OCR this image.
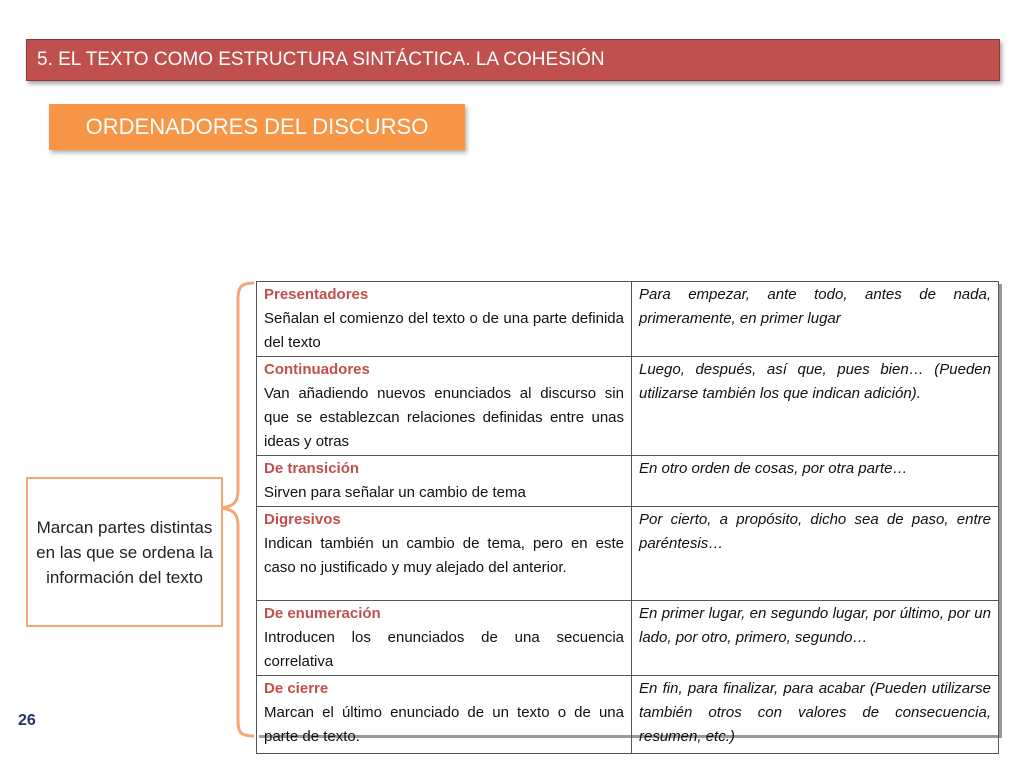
5. EL TEXTO COMO ESTRUCTURA SINTÁCTICA. LA COHESIÓN
ORDENADORES DEL DISCURSO
Marcan partes distintas en las que se ordena la información del texto
Presentadores
Señalan el comienzo del texto o de una parte definida del texto	Para empezar, ante todo, antes de nada, primeramente, en primer lugar

Continuadores
Van añadiendo nuevos enunciados al discurso sin que se establezcan relaciones definidas entre unas ideas y otras	Luego, después, así que, pues bien… (Pueden utilizarse también los que indican adición).

De transición
Sirven para señalar un cambio de tema	En otro orden de cosas, por otra parte…

Digresivos
Indican también un cambio de tema, pero en este caso no justificado y muy alejado del anterior.	Por cierto, a propósito, dicho sea de paso, entre paréntesis…

De enumeración
Introducen los enunciados de una secuencia correlativa	En primer lugar, en segundo lugar, por último, por un lado, por otro, primero, segundo…

De cierre
Marcan el último enunciado de un texto o de una parte de texto.	En fin, para finalizar, para acabar (Pueden utilizarse también otros con valores de consecuencia, resumen, etc.)
26
